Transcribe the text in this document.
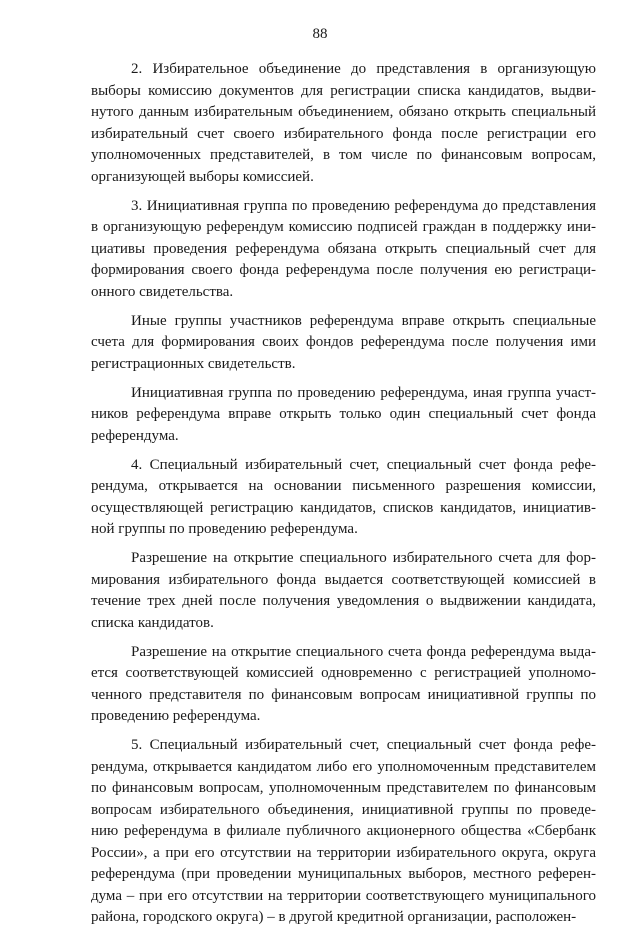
88

2. Избирательное объединение до представления в организующую
выборы комиссию документов для регистрации списка кандидатов, выдви-
нутого данным избирательным объединением, обязано открыть специальный
избирательный счет своего избирательного фонда после регистрации его
уполномоченных представителей, в том числе по финансовым вопросам,
организующей выборы комиссией.

3. Инициативная группа по проведению референдума до представления
в организующую референдум комиссию подписей граждан в поддержку ини-
циативы проведения референдума обязана открыть специальный счет для
формирования своего фонда референдума после получения ею регистраци-
онного свидетельства.

Иные группы участников референдума вправе открыть специальные
счета для формирования своих фондов референдума после получения ими
регистрационных свидетельств.

Инициативная группа по проведению референдума, иная группа участ-
ников референдума вправе открыть только один специальный счет фонда
референдума.

4. Специальный избирательный счет, специальный счет фонда рефе-
рендума, открывается на основании письменного разрешения комиссии,
осуществляющей регистрацию кандидатов, списков кандидатов, инициатив-
ной группы по проведению референдума.

Разрешение на открытие специального избирательного счета для фор-
мирования избирательного фонда выдается соответствующей комиссией в
течение трех дней после получения уведомления о выдвижении кандидата,
списка кандидатов.

Разрешение на открытие специального счета фонда референдума выда-
ется соответствующей комиссией одновременно с регистрацией уполномо-
ченного представителя по финансовым вопросам инициативной группы по
проведению референдума.

5. Специальный избирательный счет, специальный счет фонда рефе-
рендума, открывается кандидатом либо его уполномоченным представителем
по финансовым вопросам, уполномоченным представителем по финансовым
вопросам избирательного объединения, инициативной группы по проведе-
нию референдума в филиале публичного акционерного общества «Сбербанк
России», а при его отсутствии на территории избирательного округа, округа
референдума (при проведении муниципальных выборов, местного референ-
дума – при его отсутствии на территории соответствующего муниципального
района, городского округа) – в другой кредитной организации, расположен-
